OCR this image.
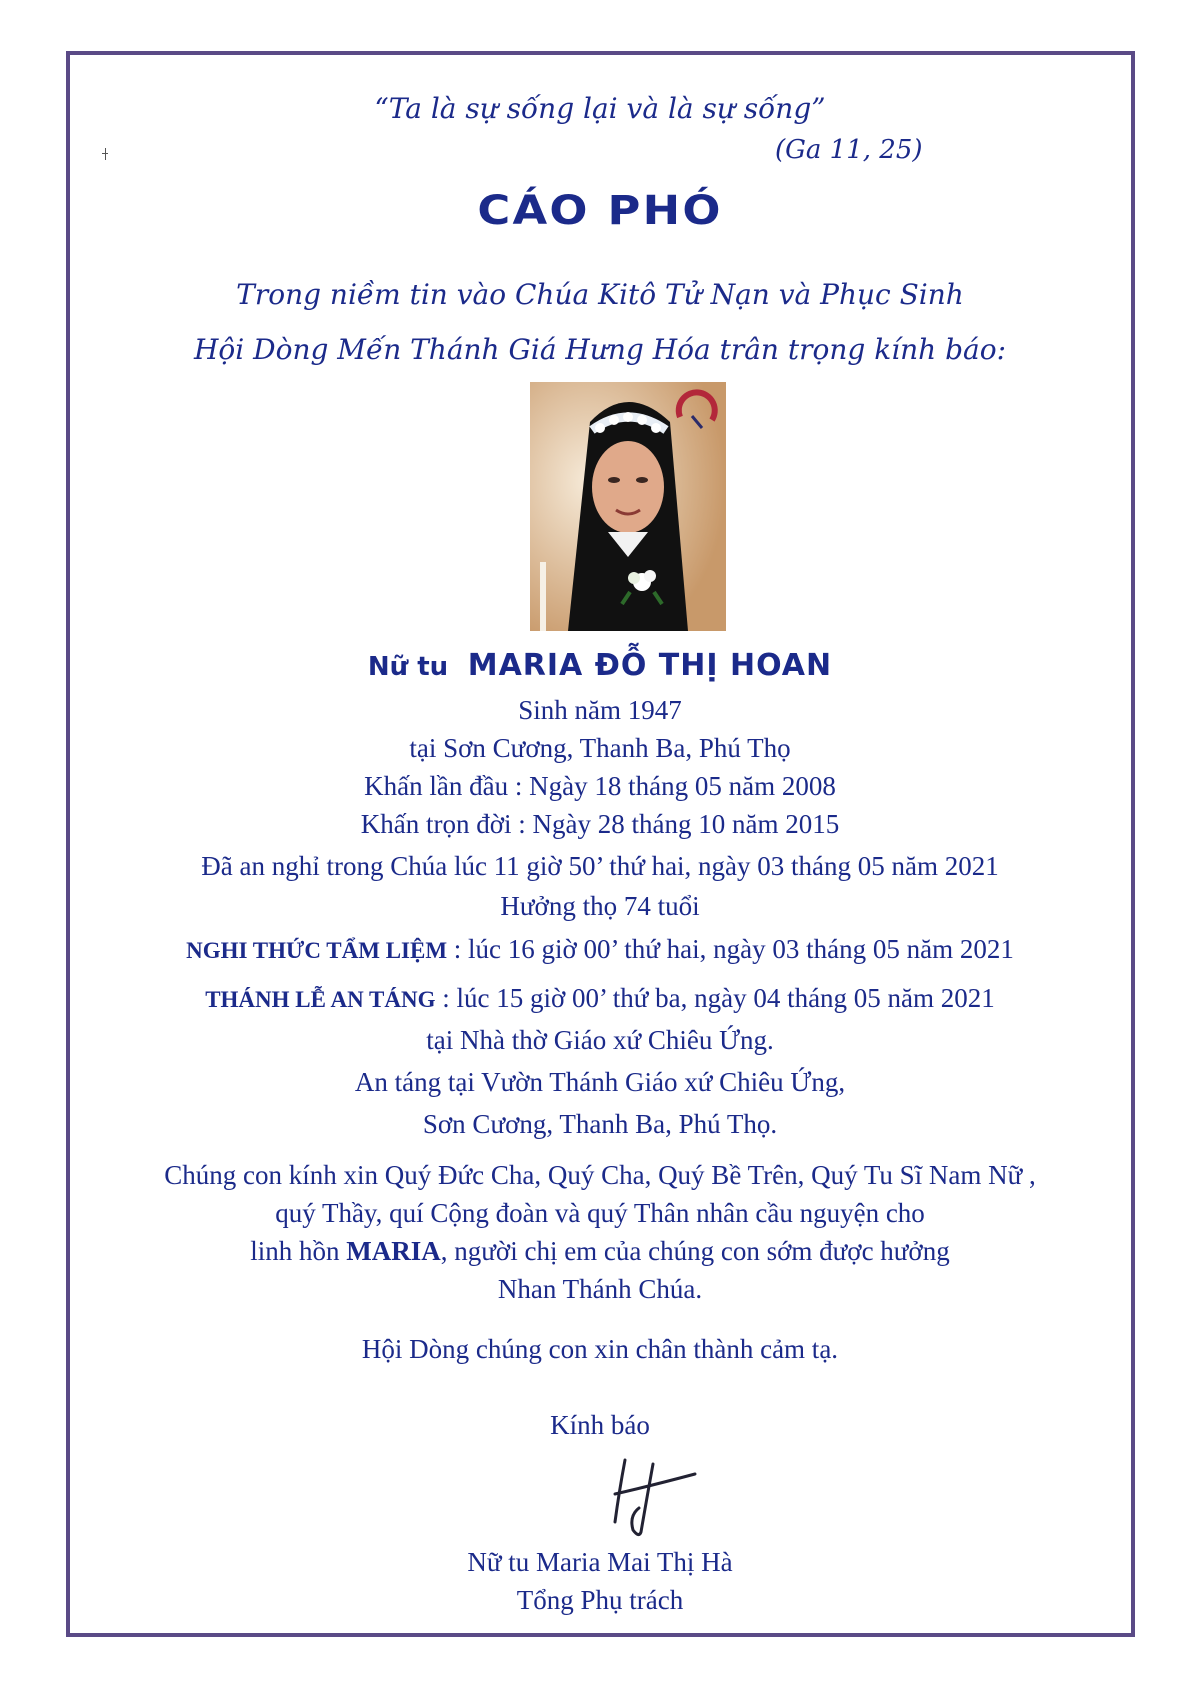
“Ta là sự sống lại và là sự sống”
(Ga 11, 25)
CÁO PHÓ
Trong niềm tin vào Chúa Kitô Tử Nạn và Phục Sinh
Hội Dòng Mến Thánh Giá Hưng Hóa trân trọng kính báo:
Nữ tu MARIA ĐỖ THỊ HOAN
Sinh năm 1947
tại Sơn Cương, Thanh Ba, Phú Thọ
Khấn lần đầu : Ngày 18 tháng 05 năm 2008
Khấn trọn đời : Ngày 28 tháng 10 năm 2015
Đã an nghỉ trong Chúa lúc 11 giờ 50’ thứ hai, ngày 03 tháng 05 năm 2021
Hưởng thọ 74 tuổi
NGHI THỨC TẨM LIỆM : lúc 16 giờ 00’ thứ hai, ngày 03 tháng 05 năm 2021
THÁNH LỄ AN TÁNG : lúc 15 giờ 00’ thứ ba, ngày 04 tháng 05 năm 2021
tại Nhà thờ Giáo xứ Chiêu Ứng.
An táng tại Vườn Thánh Giáo xứ Chiêu Ứng,
Sơn Cương, Thanh Ba, Phú Thọ.
Chúng con kính xin Quý Đức Cha, Quý Cha, Quý Bề Trên, Quý Tu Sĩ Nam Nữ ,
quý Thầy, quí Cộng đoàn và quý Thân nhân cầu nguyện cho
linh hồn MARIA, người chị em của chúng con sớm được hưởng
Nhan Thánh Chúa.
Hội Dòng chúng con xin chân thành cảm tạ.
Kính báo
Nữ tu Maria Mai Thị Hà
Tổng Phụ trách
